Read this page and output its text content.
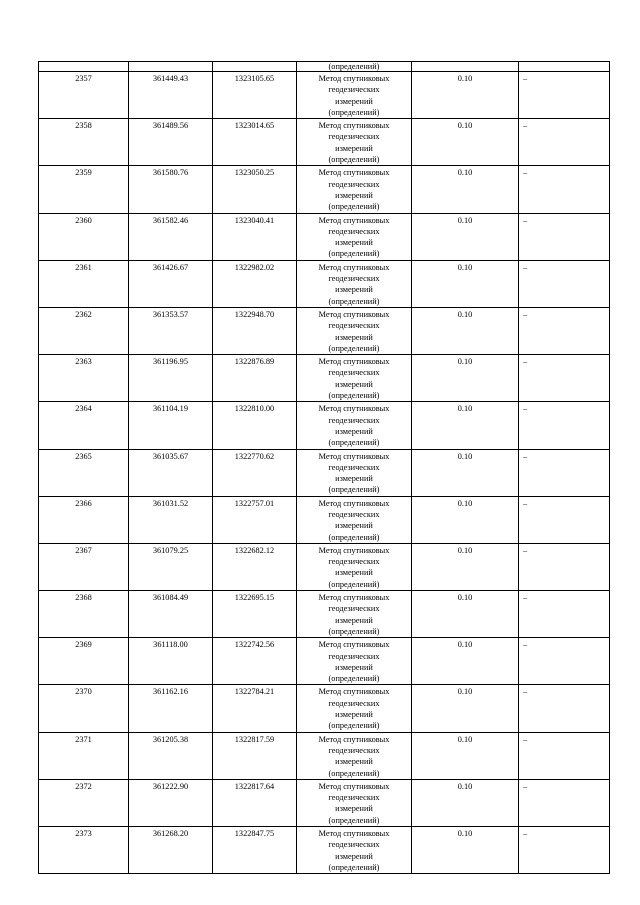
			(определений)		
2357	361449.43	1323105.65	Метод спутниковых
геодезических
измерений
(определений)	0.10	–
2358	361489.56	1323014.65	Метод спутниковых
геодезических
измерений
(определений)	0.10	–
2359	361580.76	1323050.25	Метод спутниковых
геодезических
измерений
(определений)	0.10	–
2360	361582.46	1323040.41	Метод спутниковых
геодезических
измерений
(определений)	0.10	–
2361	361426.67	1322982.02	Метод спутниковых
геодезических
измерений
(определений)	0.10	–
2362	361353.57	1322948.70	Метод спутниковых
геодезических
измерений
(определений)	0.10	–
2363	361196.95	1322876.89	Метод спутниковых
геодезических
измерений
(определений)	0.10	–
2364	361104.19	1322810.00	Метод спутниковых
геодезических
измерений
(определений)	0.10	–
2365	361035.67	1322770.62	Метод спутниковых
геодезических
измерений
(определений)	0.10	–
2366	361031.52	1322757.01	Метод спутниковых
геодезических
измерений
(определений)	0.10	–
2367	361079.25	1322682.12	Метод спутниковых
геодезических
измерений
(определений)	0.10	–
2368	361084.49	1322695.15	Метод спутниковых
геодезических
измерений
(определений)	0.10	–
2369	361118.00	1322742.56	Метод спутниковых
геодезических
измерений
(определений)	0.10	–
2370	361162.16	1322784.21	Метод спутниковых
геодезических
измерений
(определений)	0.10	–
2371	361205.38	1322817.59	Метод спутниковых
геодезических
измерений
(определений)	0.10	–
2372	361222.90	1322817.64	Метод спутниковых
геодезических
измерений
(определений)	0.10	–
2373	361268.20	1322847.75	Метод спутниковых
геодезических
измерений
(определений)	0.10	–
